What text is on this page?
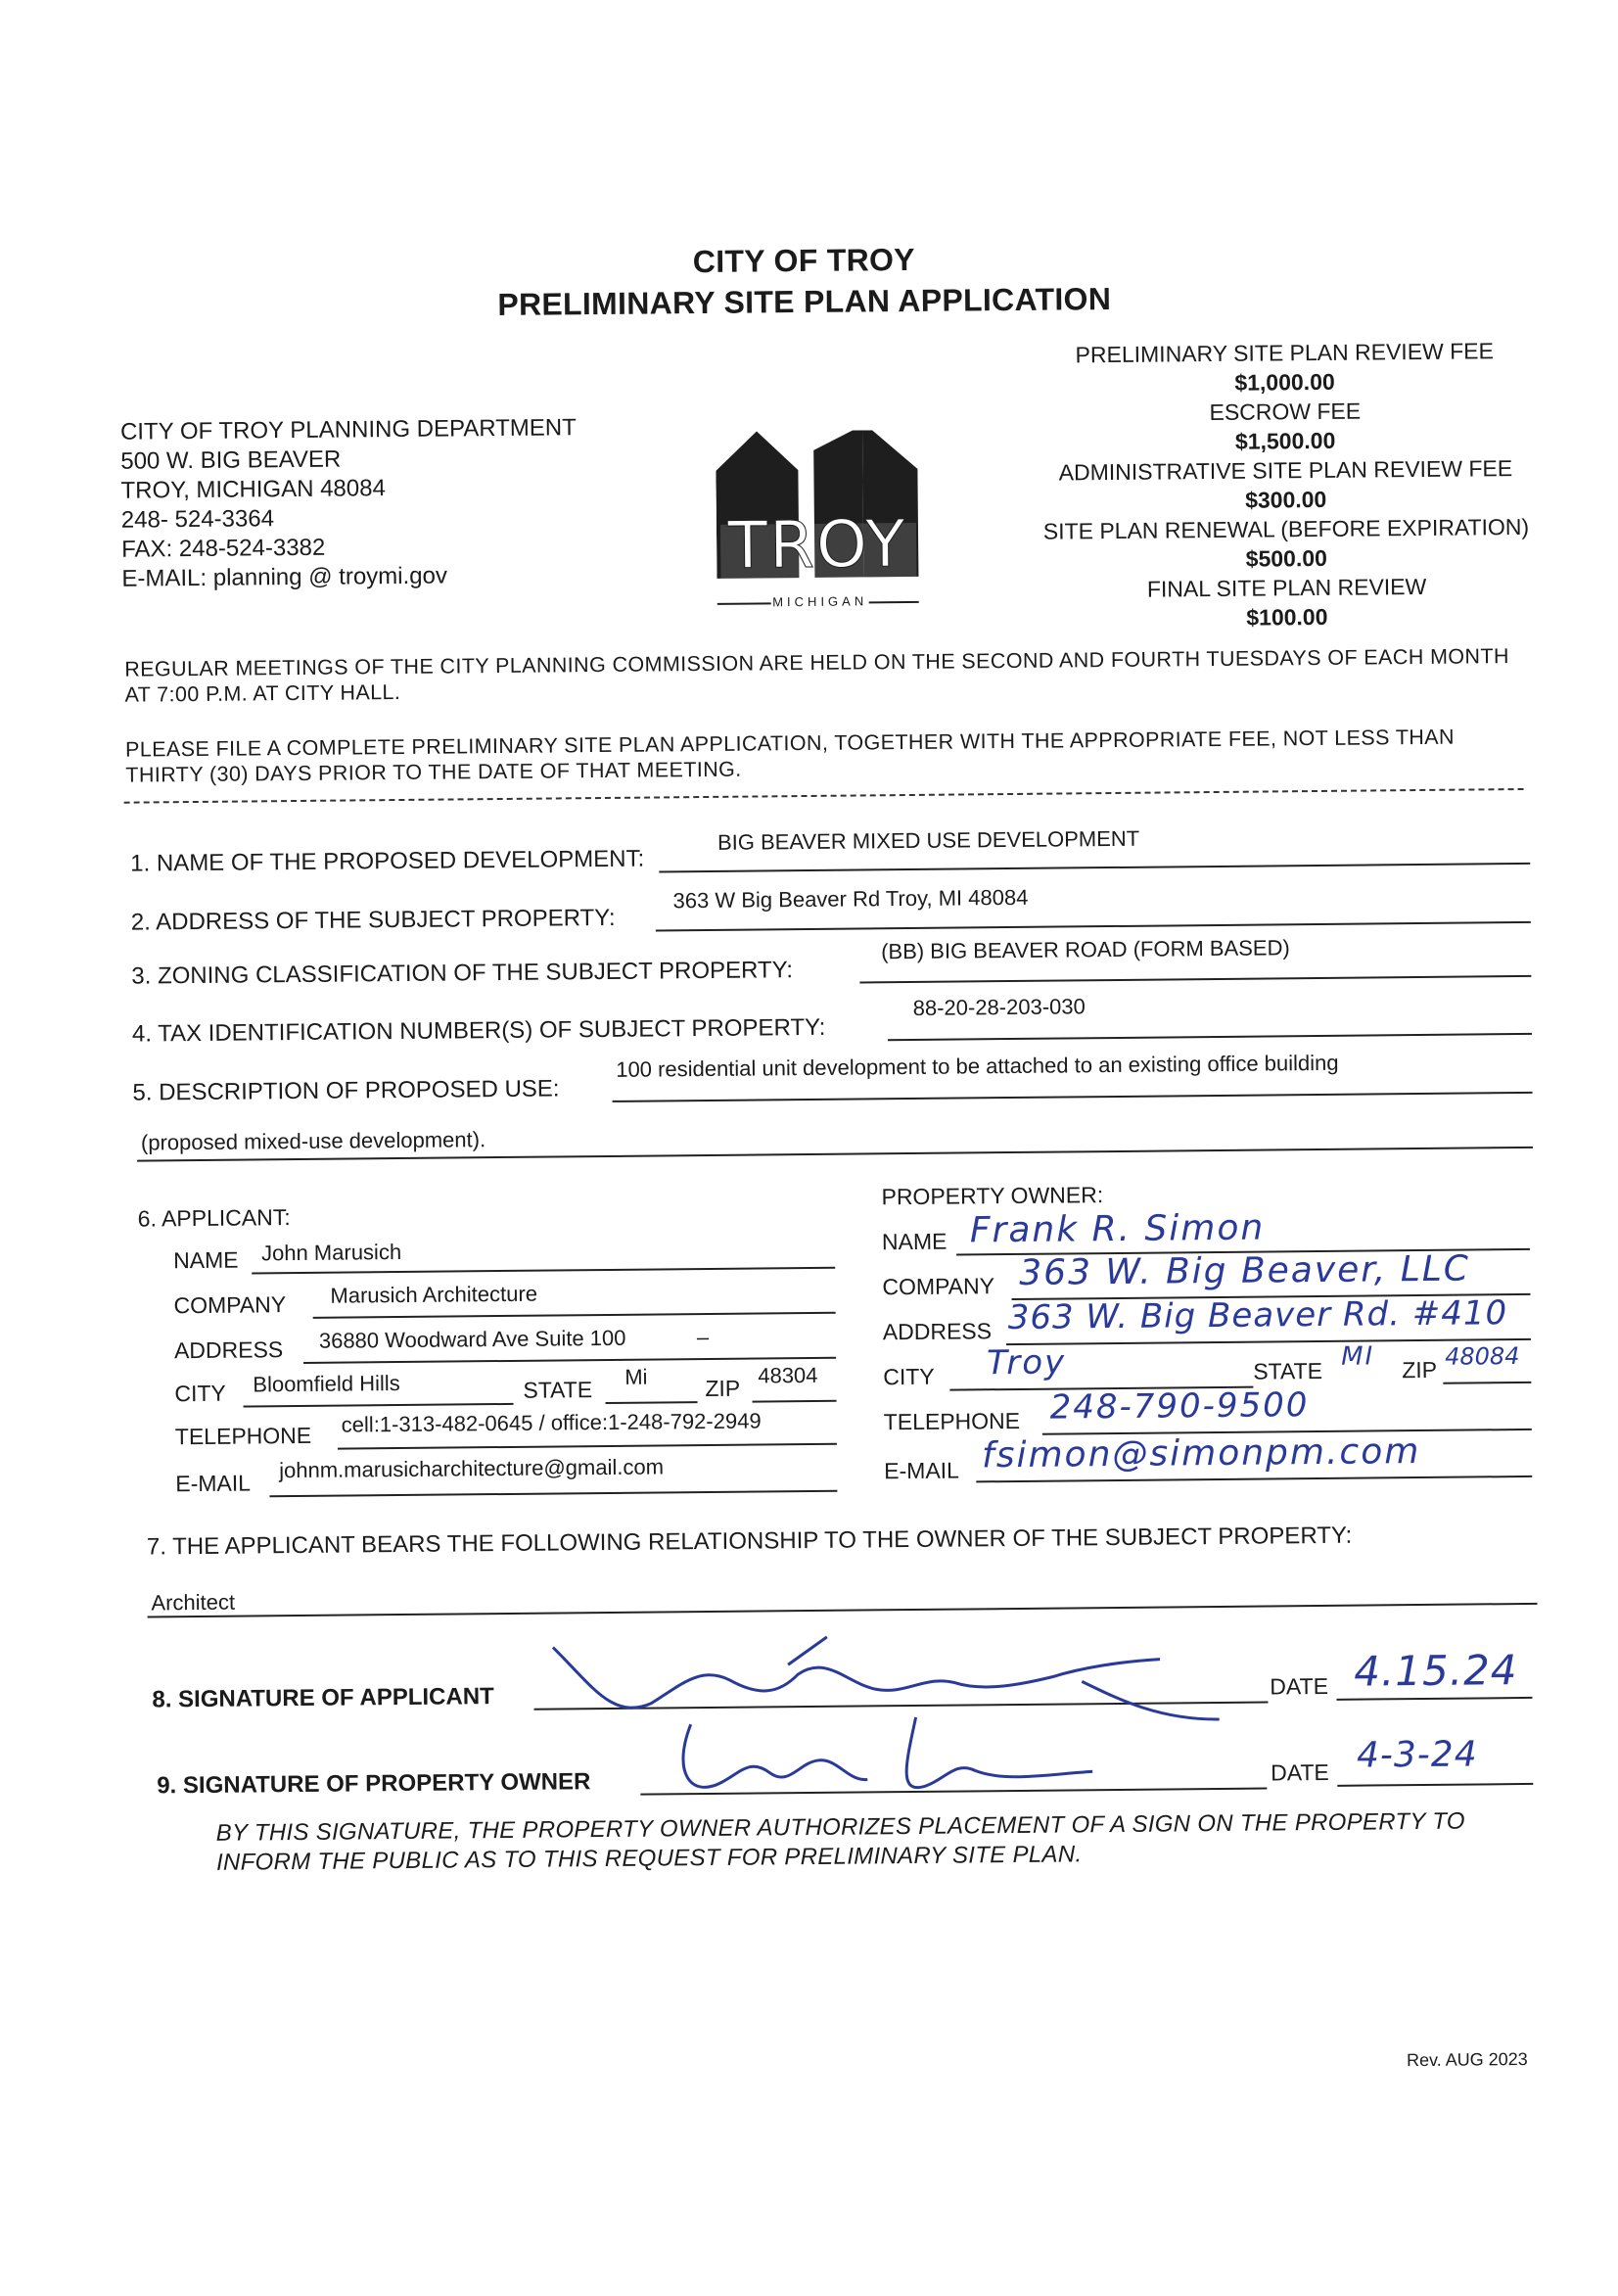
CITY OF TROY
PRELIMINARY SITE PLAN APPLICATION
CITY OF TROY PLANNING DEPARTMENT
500 W. BIG BEAVER
TROY, MICHIGAN 48084
248- 524-3364
FAX: 248-524-3382
E-MAIL: planning @ troymi.gov	TROY
MICHIGAN
PRELIMINARY SITE PLAN REVIEW FEE
$1,000.00
ESCROW FEE
$1,500.00
ADMINISTRATIVE SITE PLAN REVIEW FEE
$300.00
SITE PLAN RENEWAL (BEFORE EXPIRATION)
$500.00
FINAL SITE PLAN REVIEW
$100.00
REGULAR MEETINGS OF THE CITY PLANNING COMMISSION ARE HELD ON THE SECOND AND FOURTH TUESDAYS OF EACH MONTH AT 7:00 P.M. AT CITY HALL.
PLEASE FILE A COMPLETE PRELIMINARY SITE PLAN APPLICATION, TOGETHER WITH THE APPROPRIATE FEE, NOT LESS THAN THIRTY (30) DAYS PRIOR TO THE DATE OF THAT MEETING.
1. NAME OF THE PROPOSED DEVELOPMENT:
BIG BEAVER MIXED USE DEVELOPMENT
2. ADDRESS OF THE SUBJECT PROPERTY:
363 W Big Beaver Rd Troy, MI 48084
3. ZONING CLASSIFICATION OF THE SUBJECT PROPERTY:
(BB) BIG BEAVER ROAD (FORM BASED)
4. TAX IDENTIFICATION NUMBER(S) OF SUBJECT PROPERTY:
88-20-28-203-030
5. DESCRIPTION OF PROPOSED USE:
100 residential unit development to be attached to an existing office building
(proposed mixed-use development).
6. APPLICANT:
NAME John Marusich
COMPANY Marusich Architecture
ADDRESS 36880 Woodward Ave Suite 100	–
CITY Bloomfield Hills	STATE Mi	ZIP 48304
TELEPHONE cell:1-313-482-0645 / office:1-248-792-2949
E-MAIL
johnm.marusicharchitecture@gmail.com
PROPERTY OWNER:
NAME Frank R. Simon
COMPANY 363 W. Big Beaver, LLC
ADDRESS 363 W. Big Beaver Rd. #410
CITY Troy	STATE MI ZIP 48084
TELEPHONE 248-790-9500
E-MAIL fsimon@simonpm.com
7. THE APPLICANT BEARS THE FOLLOWING RELATIONSHIP TO THE OWNER OF THE SUBJECT PROPERTY:
Architect
8. SIGNATURE OF APPLICANT	DATE 4.15.24
9. SIGNATURE OF PROPERTY OWNER	DATE 4-3-24
BY THIS SIGNATURE, THE PROPERTY OWNER AUTHORIZES PLACEMENT OF A SIGN ON THE PROPERTY TO INFORM THE PUBLIC AS TO THIS REQUEST FOR PRELIMINARY SITE PLAN.
Rev. AUG 2023
